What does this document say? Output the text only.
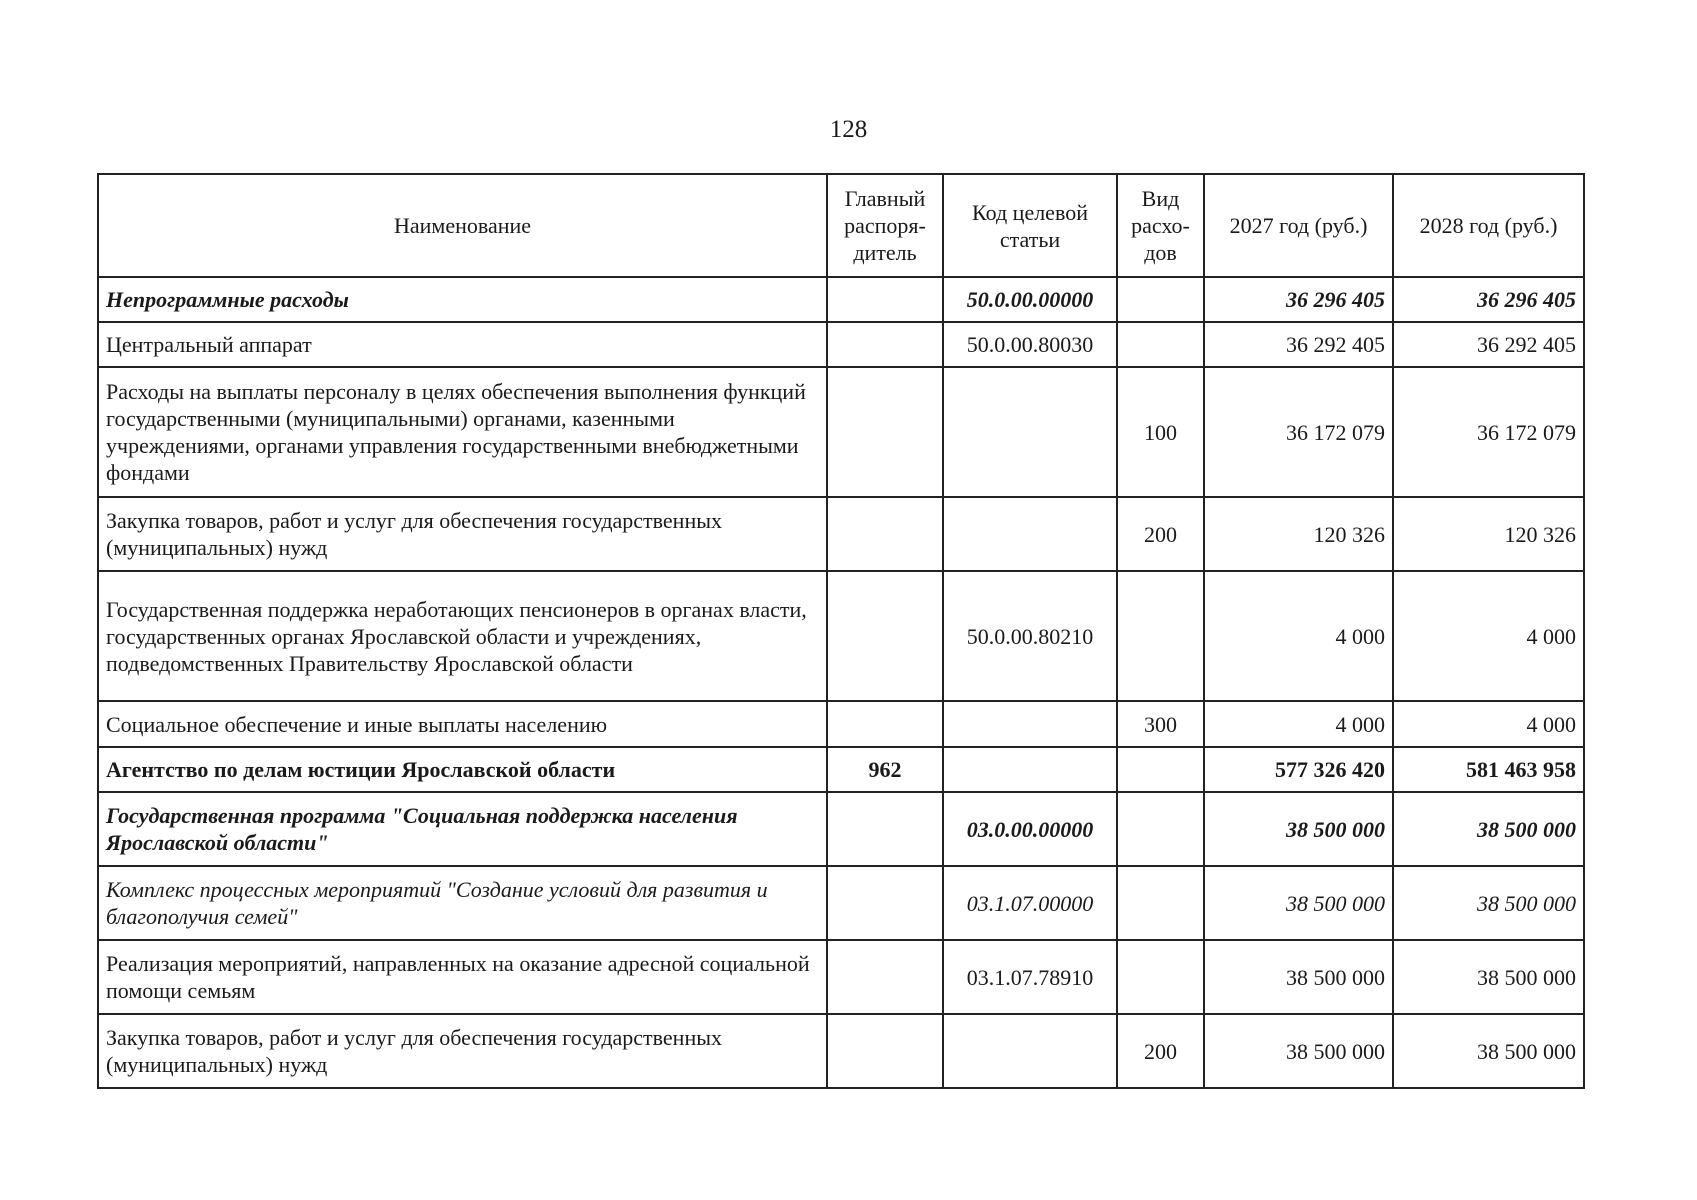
128
Наименование	Главный распоря- дитель	Код целевой статьи	Вид расхо- дов	2027 год (руб.)	2028 год (руб.)
Непрограммные расходы		50.0.00.00000		36 296 405	36 296 405
Центральный аппарат		50.0.00.80030		36 292 405	36 292 405
Расходы на выплаты персоналу в целях обеспечения выполнения функций государственными (муниципальными) органами, казенными учреждениями, органами управления государственными внебюджетными фондами			100	36 172 079	36 172 079
Закупка товаров, работ и услуг для обеспечения государственных (муниципальных) нужд			200	120 326	120 326
Государственная поддержка неработающих пенсионеров в органах власти, государственных органах Ярославской области и учреждениях, подведомственных Правительству Ярославской области		50.0.00.80210		4 000	4 000
Социальное обеспечение и иные выплаты населению			300	4 000	4 000
Агентство по делам юстиции Ярославской области	962			577 326 420	581 463 958
Государственная программа "Социальная поддержка населения Ярославской области"		03.0.00.00000		38 500 000	38 500 000
Комплекс процессных мероприятий "Создание условий для развития и благополучия семей"		03.1.07.00000		38 500 000	38 500 000
Реализация мероприятий, направленных на оказание адресной социальной помощи семьям		03.1.07.78910		38 500 000	38 500 000
Закупка товаров, работ и услуг для обеспечения государственных (муниципальных) нужд			200	38 500 000	38 500 000
